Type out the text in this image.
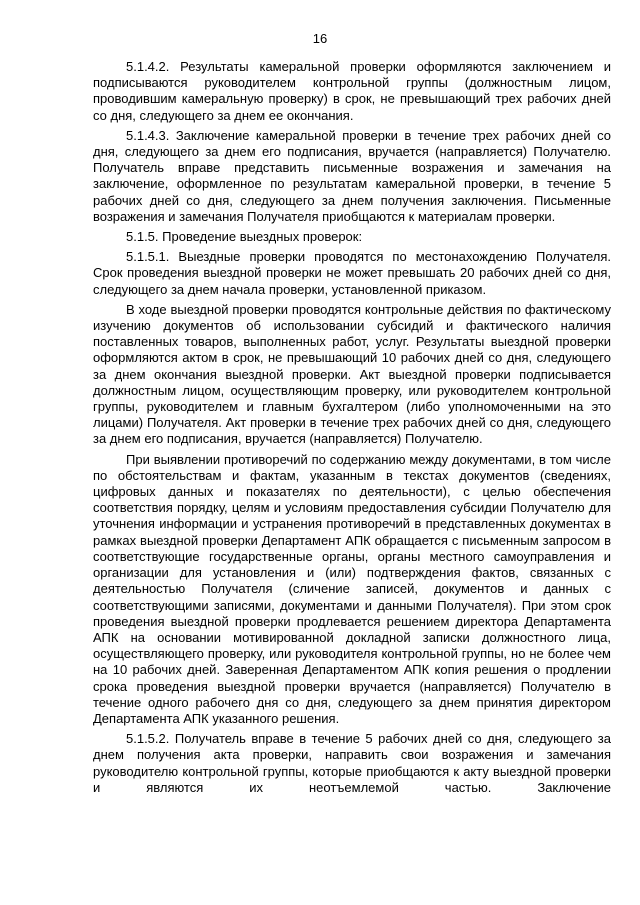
16

5.1.4.2. Результаты камеральной проверки оформляются заключением и подписываются руководителем контрольной группы (должностным лицом, проводившим камеральную проверку) в срок, не превышающий трех рабочих дней со дня, следующего за днем ее окончания.

5.1.4.3. Заключение камеральной проверки в течение трех рабочих дней со дня, следующего за днем его подписания, вручается (направляется) Получателю. Получатель вправе представить письменные возражения и замечания на заключение, оформленное по результатам камеральной проверки, в течение 5 рабочих дней со дня, следующего за днем получения заключения. Письменные возражения и замечания Получателя приобщаются к материалам проверки.

5.1.5. Проведение выездных проверок:

5.1.5.1. Выездные проверки проводятся по местонахождению Получателя. Срок проведения выездной проверки не может превышать 20 рабочих дней со дня, следующего за днем начала проверки, установленной приказом.

В ходе выездной проверки проводятся контрольные действия по фактическому изучению документов об использовании субсидий и фактического наличия поставленных товаров, выполненных работ, услуг. Результаты выездной проверки оформляются актом в срок, не превышающий 10 рабочих дней со дня, следующего за днем окончания выездной проверки. Акт выездной проверки подписывается должностным лицом, осуществляющим проверку, или руководителем контрольной группы, руководителем и главным бухгалтером (либо уполномоченными на это лицами) Получателя. Акт проверки в течение трех рабочих дней со дня, следующего за днем его подписания, вручается (направляется) Получателю.

При выявлении противоречий по содержанию между документами, в том числе по обстоятельствам и фактам, указанным в текстах документов (сведениях, цифровых данных и показателях по деятельности), с целью обеспечения соответствия порядку, целям и условиям предоставления субсидии Получателю для уточнения информации и устранения противоречий в представленных документах в рамках выездной проверки Департамент АПК обращается с письменным запросом в соответствующие государственные органы, органы местного самоуправления и организации для установления и (или) подтверждения фактов, связанных с деятельностью Получателя (сличение записей, документов и данных с соответствующими записями, документами и данными Получателя). При этом срок проведения выездной проверки продлевается решением директора Департамента АПК на основании мотивированной докладной записки должностного лица, осуществляющего проверку, или руководителя контрольной группы, но не более чем на 10 рабочих дней. Заверенная Департаментом АПК копия решения о продлении срока проведения выездной проверки вручается (направляется) Получателю в течение одного рабочего дня со дня, следующего за днем принятия директором Департамента АПК указанного решения.

5.1.5.2. Получатель вправе в течение 5 рабочих дней со дня, следующего за днем получения акта проверки, направить свои возражения и замечания руководителю контрольной группы, которые приобщаются к акту выездной проверки и являются их неотъемлемой частью. Заключение
